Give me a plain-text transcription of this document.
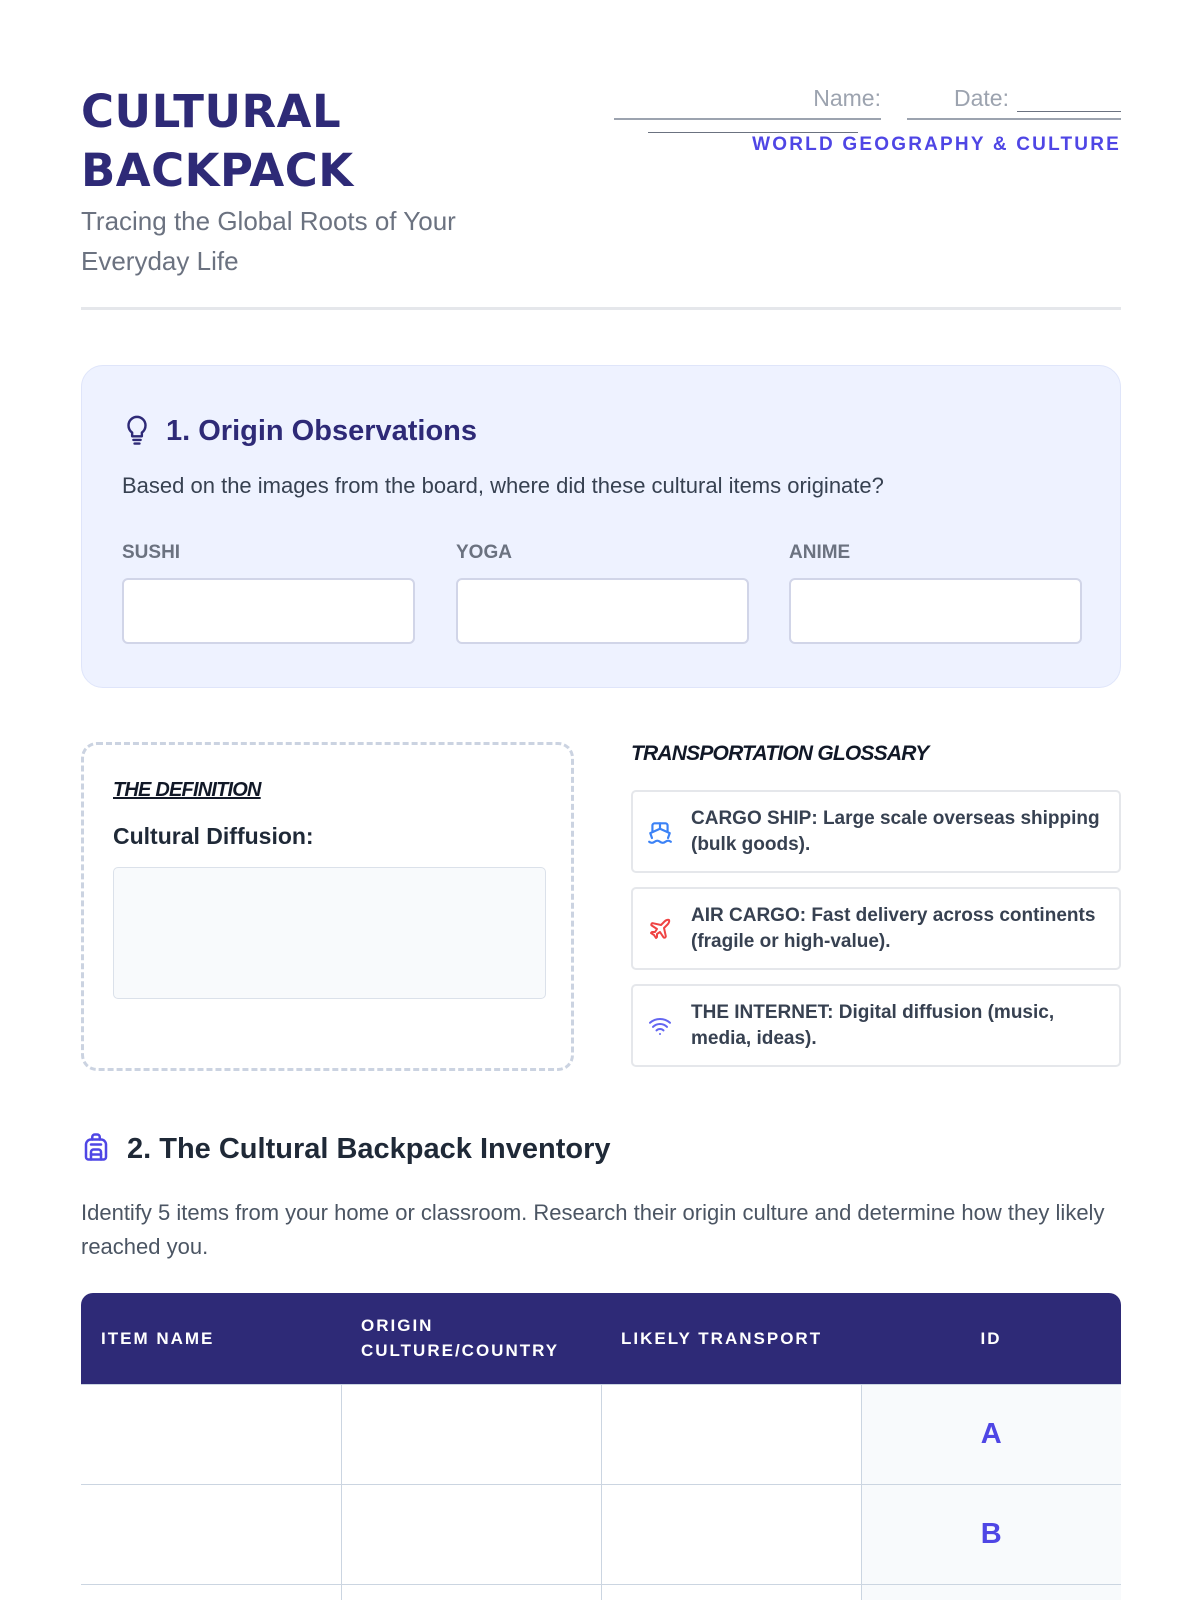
CULTURAL
BACKPACK
Tracing the Global Roots of Your Everyday Life
Name:	Date:
WORLD GEOGRAPHY & CULTURE
1. Origin Observations
Based on the images from the board, where did these cultural items originate?
SUSHI	YOGA	ANIME
THE DEFINITION
Cultural Diffusion:
TRANSPORTATION GLOSSARY
CARGO SHIP: Large scale overseas shipping (bulk goods).
AIR CARGO: Fast delivery across continents (fragile or high-value).
THE INTERNET: Digital diffusion (music, media, ideas).
2. The Cultural Backpack Inventory
Identify 5 items from your home or classroom. Research their origin culture and determine how they likely reached you.
ITEM NAME	ORIGIN CULTURE/COUNTRY	LIKELY TRANSPORT	ID
			A
			B
